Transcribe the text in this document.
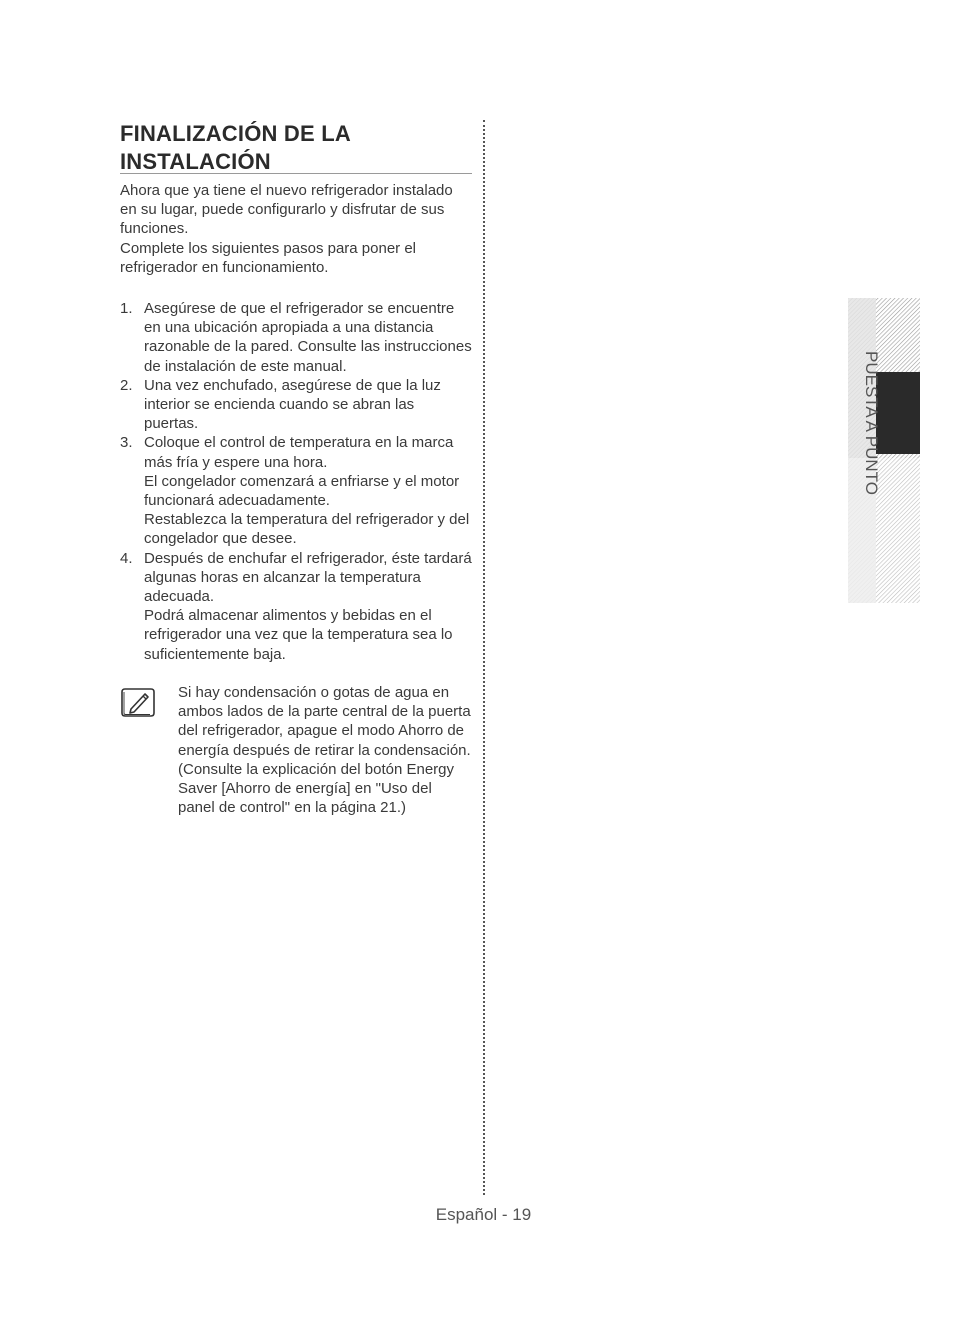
FINALIZACIÓN DE LA
INSTALACIÓN

Ahora que ya tiene el nuevo refrigerador instalado en su lugar, puede configurarlo y disfrutar de sus funciones.

Complete los siguientes pasos para poner el refrigerador en funcionamiento.

1. Asegúrese de que el refrigerador se encuentre en una ubicación apropiada a una distancia razonable de la pared. Consulte las instrucciones de instalación de este manual.

2. Una vez enchufado, asegúrese de que la luz interior se encienda cuando se abran las puertas.

3. Coloque el control de temperatura en la marca más fría y espere una hora.

El congelador comenzará a enfriarse y el motor funcionará adecuadamente.

Restablezca la temperatura del refrigerador y del congelador que desee.

4. Después de enchufar el refrigerador, éste tardará algunas horas en alcanzar la temperatura adecuada.

Podrá almacenar alimentos y bebidas en el refrigerador una vez que la temperatura sea lo suficientemente baja.

Si hay condensación o gotas de agua en ambos lados de la parte central de la puerta del refrigerador, apague el modo Ahorro de energía después de retirar la condensación.

(Consulte la explicación del botón Energy Saver [Ahorro de energía] en "Uso del panel de control" en la página 21.)

PUESTA
Español - 19
